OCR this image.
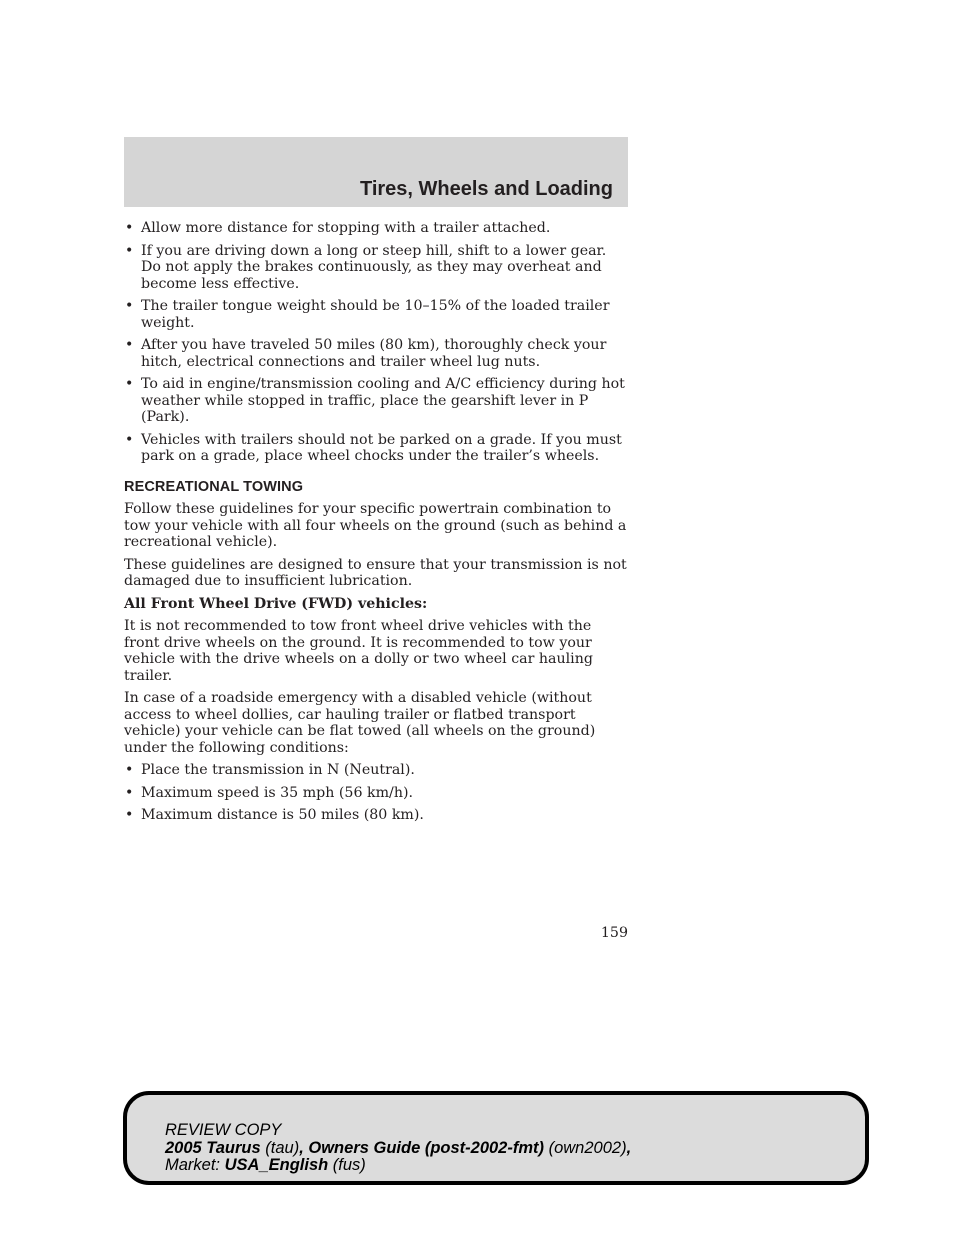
Tires, Wheels and Loading
• Allow more distance for stopping with a trailer attached.
• If you are driving down a long or steep hill, shift to a lower gear. Do not apply the brakes continuously, as they may overheat and become less effective.
• The trailer tongue weight should be 10–15% of the loaded trailer weight.
• After you have traveled 50 miles (80 km), thoroughly check your hitch, electrical connections and trailer wheel lug nuts.
• To aid in engine/transmission cooling and A/C efficiency during hot weather while stopped in traffic, place the gearshift lever in P (Park).
• Vehicles with trailers should not be parked on a grade. If you must park on a grade, place wheel chocks under the trailer’s wheels.
RECREATIONAL TOWING

Follow these guidelines for your specific powertrain combination to tow your vehicle with all four wheels on the ground (such as behind a recreational vehicle).

These guidelines are designed to ensure that your transmission is not damaged due to insufficient lubrication.

All Front Wheel Drive (FWD) vehicles:

It is not recommended to tow front wheel drive vehicles with the front drive wheels on the ground. It is recommended to tow your vehicle with the drive wheels on a dolly or two wheel car hauling trailer.

In case of a roadside emergency with a disabled vehicle (without access to wheel dollies, car hauling trailer or flatbed transport vehicle) your vehicle can be flat towed (all wheels on the ground) under the following conditions:

• Place the transmission in N (Neutral).
• Maximum speed is 35 mph (56 km/h).
• Maximum distance is 50 miles (80 km).
159
REVIEW COPY
2005 Taurus (tau), Owners Guide (post-2002-fmt) (own2002),
Market: USA_English (fus)
